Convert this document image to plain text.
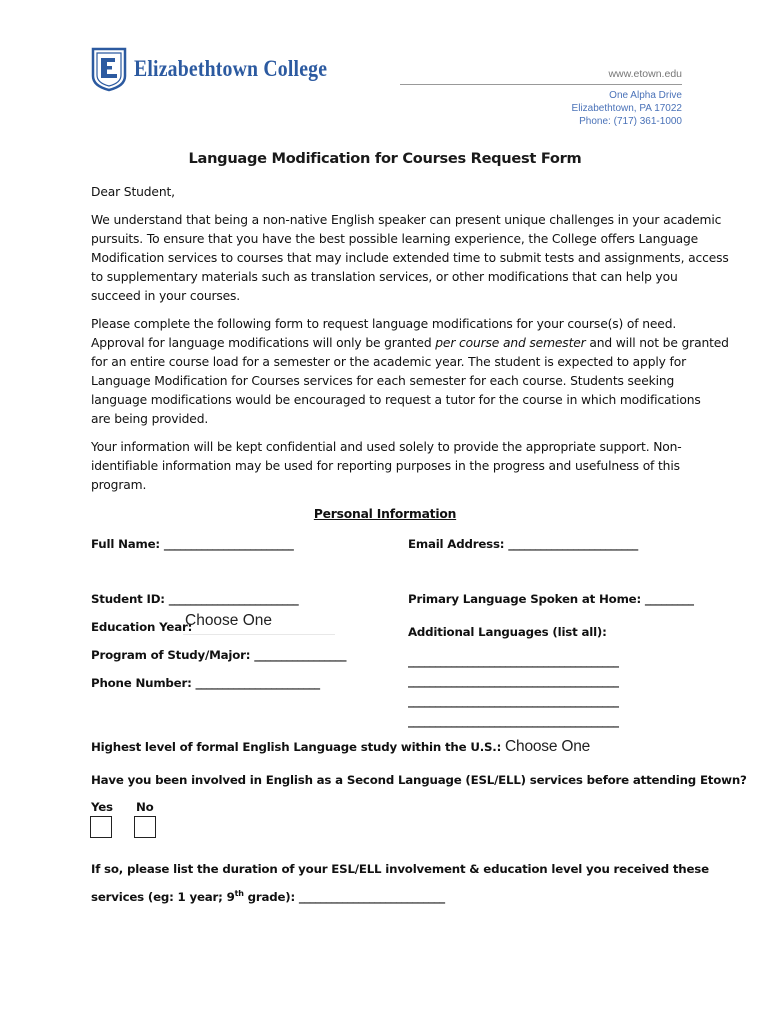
Elizabethtown College	www.etown.edu
One Alpha Drive
Elizabethtown, PA 17022
Phone: (717) 361-1000
Language Modification for Courses Request Form
Dear Student,
We understand that being a non-native English speaker can present unique challenges in your academic
pursuits. To ensure that you have the best possible learning experience, the College offers Language
Modification services to courses that may include extended time to submit tests and assignments, access
to supplementary materials such as translation services, or other modifications that can help you
succeed in your courses.
Please complete the following form to request language modifications for your course(s) of need.
Approval for language modifications will only be granted per course and semester and will not be granted
for an entire course load for a semester or the academic year. The student is expected to apply for
Language Modification for Courses services for each semester for each course. Students seeking
language modifications would be encouraged to request a tutor for the course in which modifications
are being provided.
Your information will be kept confidential and used solely to provide the appropriate support. Non-
identifiable information may be used for reporting purposes in the progress and usefulness of this
program.
Personal Information
Full Name: ________________________	Email Address: ________________________
Student ID: ________________________	Primary Language Spoken at Home: _________
Education Year:
Choose One
Additional Languages (list all):
Program of Study/Major: _________________
Phone Number: _______________________
_______________________________________
_______________________________________
_______________________________________
_______________________________________
Highest level of formal English Language study within the U.S.: Choose One
Have you been involved in English as a Second Language (ESL/ELL) services before attending Etown?
Yes No
If so, please list the duration of your ESL/ELL involvement & education level you received these
services (eg: 1 year; 9th grade): ___________________________
